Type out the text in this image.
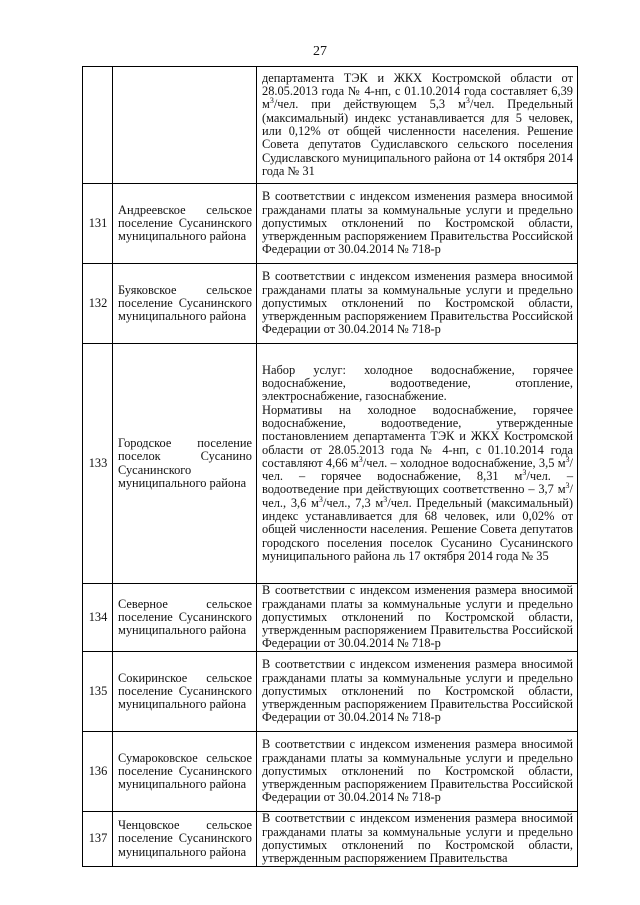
27

		департамента ТЭК и ЖКХ Костромской области от 28.05.2013 года № 4-нп, с 01.10.2014 года составляет 6,39 $м^3$/чел. при действующем 5,3 $м^3$/чел. Предельный (максимальный) индекс устанавливается для 5 человек, или 0,12% от общей численности населения. Решение Совета депутатов Судиславского сельского поселения Судиславского муниципального района от 14 октября 2014 года № 31

131	Андреевское сельское поселение Сусанинского муниципального района	В соответствии с индексом изменения размера вносимой гражданами платы за коммунальные услуги и предельно допустимых отклонений по Костромской области, утвержденным распоряжением Правительства Российской Федерации от 30.04.2014 № 718-р
132	Буяковское сельское поселение Сусанинского муниципального района	В соответствии с индексом изменения размера вносимой гражданами платы за коммунальные услуги и предельно допустимых отклонений по Костромской области, утвержденным распоряжением Правительства Российской Федерации от 30.04.2014 № 718-р
133	Городское поселение поселок Сусанино Сусанинского муниципального района	Набор услуг: холодное водоснабжение, горячее водоснабжение, водоотведение, отопление, электроснабжение, газоснабжение.

Нормативы на холодное водоснабжение, горячее водоснабжение, водоотведение, утвержденные постановлением департамента ТЭК и ЖКХ Костромской области от 28.05.2013 года № 4-нп, с 01.10.2014 года составляют 4,66 $м^3$/чел. – холодное водоснабжение, 3,5 $м^3$/чел. – горячее водоснабжение, 8,31 $м^3$/чел. – водоотведение при действующих соответственно – 3,7 $м^3$/чел., 3,6 $м^3$/чел., 7,3 $м^3$/чел. Предельный (максимальный) индекс устанавливается для 68 человек, или 0,02% от общей численности населения. Решение Совета депутатов городского поселения поселок Сусанино Сусанинского муниципального района ль 17 октября 2014 года № 35

134	Северное сельское поселение Сусанинского муниципального района	В соответствии с индексом изменения размера вносимой гражданами платы за коммунальные услуги и предельно допустимых отклонений по Костромской области, утвержденным распоряжением Правительства Российской Федерации от 30.04.2014 № 718-р
135	Сокиринское сельское поселение Сусанинского муниципального района	В соответствии с индексом изменения размера вносимой гражданами платы за коммунальные услуги и предельно допустимых отклонений по Костромской области, утвержденным распоряжением Правительства Российской Федерации от 30.04.2014 № 718-р
136	Сумароковское сельское поселение Сусанинского муниципального района	В соответствии с индексом изменения размера вносимой гражданами платы за коммунальные услуги и предельно допустимых отклонений по Костромской области, утвержденным распоряжением Правительства Российской Федерации от 30.04.2014 № 718-р
137	Ченцовское сельское поселение Сусанинского муниципального района	В соответствии с индексом изменения размера вносимой гражданами платы за коммунальные услуги и предельно допустимых отклонений по Костромской области, утвержденным распоряжением Правительства
